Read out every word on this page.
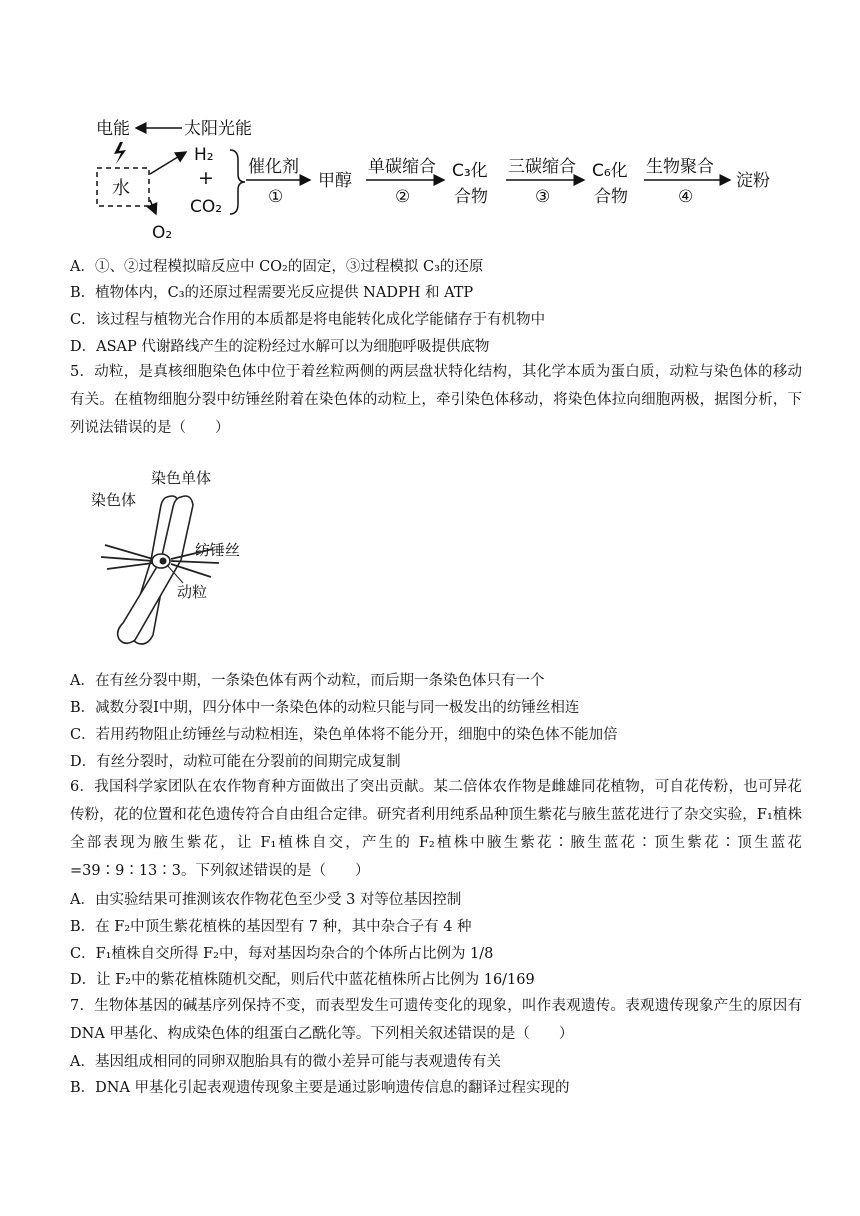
电能	太阳光能
水
O₂
H₂
+
CO₂
催化剂
①
甲醇
单碳缩合
②
C₃化
合物
三碳缩合
③
C₆化
合物
生物聚合
④
淀粉
A．①、②过程模拟暗反应中 CO₂的固定，③过程模拟 C₃的还原
B．植物体内，C₃的还原过程需要光反应提供 NADPH 和 ATP
C．该过程与植物光合作用的本质都是将电能转化成化学能储存于有机物中
D．ASAP 代谢路线产生的淀粉经过水解可以为细胞呼吸提供底物
5．动粒，是真核细胞染色体中位于着丝粒两侧的两层盘状特化结构，其化学本质为蛋白质，动粒与染色体的移动有关。在植物细胞分裂中纺锤丝附着在染色体的动粒上，牵引染色体移动，将染色体拉向细胞两极，据图分析，下列说法错误的是（　　）
染色单体
染色体
纺锤丝
动粒
A．在有丝分裂中期，一条染色体有两个动粒，而后期一条染色体只有一个
B．减数分裂Ⅰ中期，四分体中一条染色体的动粒只能与同一极发出的纺锤丝相连
C．若用药物阻止纺锤丝与动粒相连，染色单体将不能分开，细胞中的染色体不能加倍
D．有丝分裂时，动粒可能在分裂前的间期完成复制
6．我国科学家团队在农作物育种方面做出了突出贡献。某二倍体农作物是雌雄同花植物，可自花传粉，也可异花传粉，花的位置和花色遗传符合自由组合定律。研究者利用纯系品种顶生紫花与腋生蓝花进行了杂交实验，F₁植株全部表现为腋生紫花，让 F₁植株自交，产生的 F₂植株中腋生紫花∶腋生蓝花∶顶生紫花∶顶生蓝花=39∶9∶13∶3。下列叙述错误的是（　　）
A．由实验结果可推测该农作物花色至少受 3 对等位基因控制
B．在 F₂中顶生紫花植株的基因型有 7 种，其中杂合子有 4 种
C．F₁植株自交所得 F₂中，每对基因均杂合的个体所占比例为 1/8
D．让 F₂中的紫花植株随机交配，则后代中蓝花植株所占比例为 16/169
7．生物体基因的碱基序列保持不变，而表型发生可遗传变化的现象，叫作表观遗传。表观遗传现象产生的原因有 DNA 甲基化、构成染色体的组蛋白乙酰化等。下列相关叙述错误的是（　　）
A．基因组成相同的同卵双胞胎具有的微小差异可能与表观遗传有关
B．DNA 甲基化引起表观遗传现象主要是通过影响遗传信息的翻译过程实现的
